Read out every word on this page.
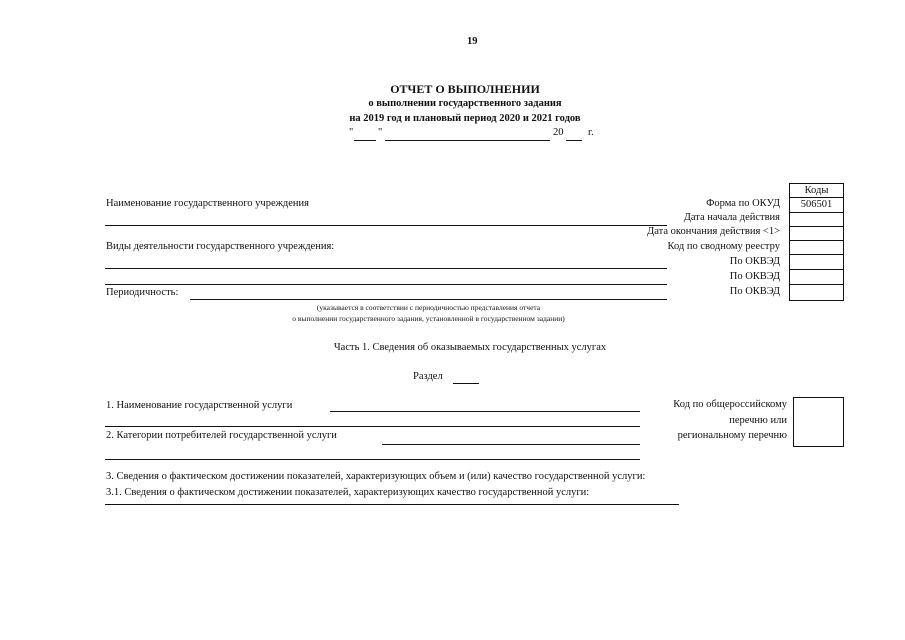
19
ОТЧЕТ О ВЫПОЛНЕНИИ
о выполнении государственного задания
на 2019 год и плановый период 2020 и 2021 годов
" "	20 г.
Коды
506501
Форма по ОКУД
Дата начала действия
Дата окончания действия <1>
Код по сводному реестру
По ОКВЭД
По ОКВЭД
По ОКВЭД
Наименование государственного учреждения
Виды деятельности государственного учреждения:
Периодичность:
(указывается в соответствии с периодичностью представления отчета
о выполнении государственного задания, установленной в государственном задании)
Часть 1. Сведения об оказываемых государственных услугах
Раздел
1. Наименование государственной услуги
2. Категории потребителей государственной услуги
Код по общероссийскому
перечню или
региональному перечню
3. Сведения о фактическом достижении показателей, характеризующих объем и (или) качество государственной услуги:
3.1. Сведения о фактическом достижении показателей, характеризующих качество государственной услуги:
